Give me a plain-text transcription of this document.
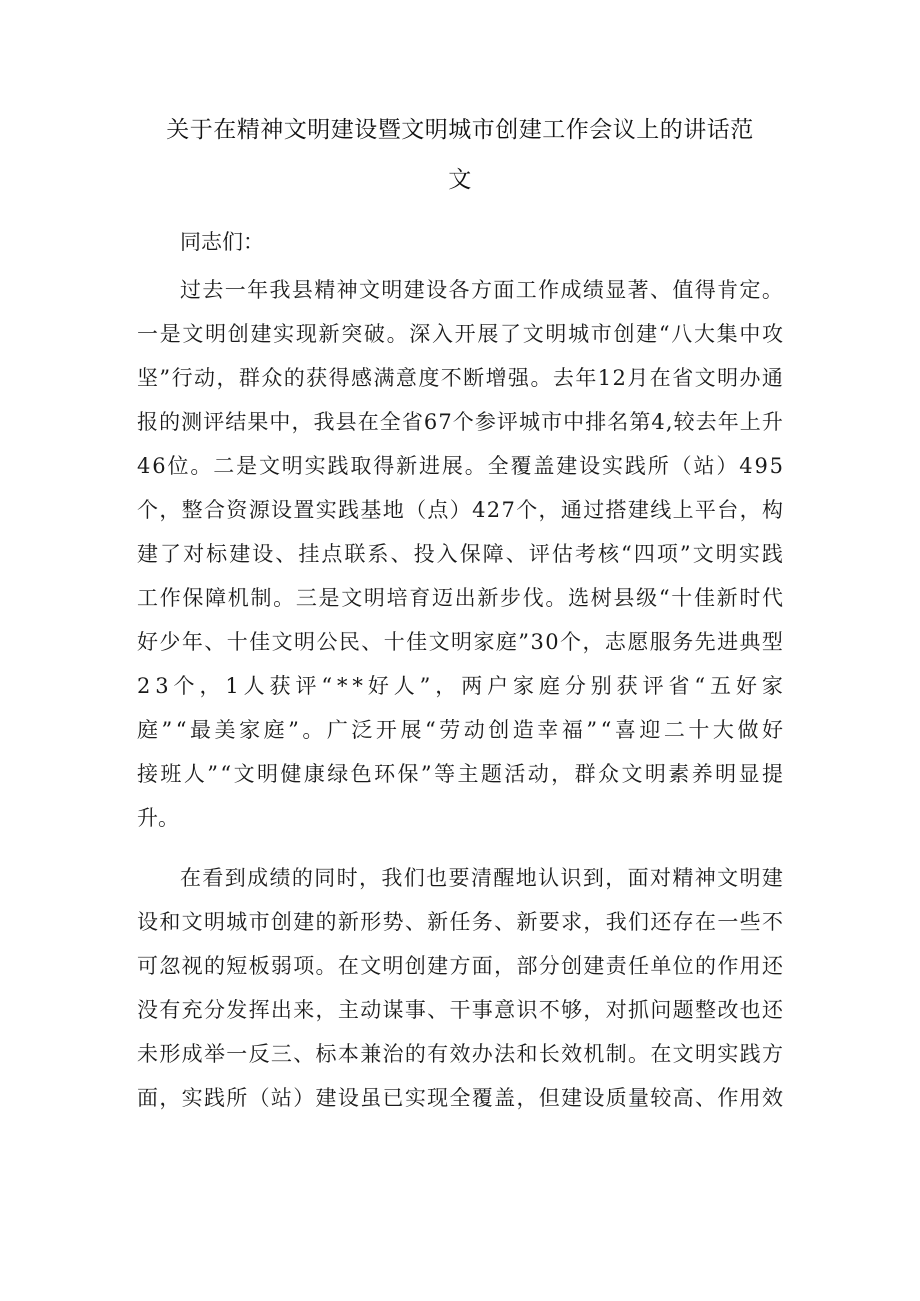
关于在精神文明建设暨文明城市创建工作会议上的讲话范
文

同志们：

过去一年我县精神文明建设各方面工作成绩显著、值得肯定。

一是文明创建实现新突破。深入开展了文明城市创建“八大集中攻

坚”行动，群众的获得感满意度不断增强。去年12月在省文明办通

报的测评结果中，我县在全省67个参评城市中排名第4,较去年上升

46位。二是文明实践取得新进展。全覆盖建设实践所（站）495

个，整合资源设置实践基地（点）427个，通过搭建线上平台，构

建了对标建设、挂点联系、投入保障、评估考核“四项”文明实践

工作保障机制。三是文明培育迈出新步伐。选树县级“十佳新时代

好少年、十佳文明公民、十佳文明家庭”30个，志愿服务先进典型

23个，1人获评“**好人”，两户家庭分别获评省“五好家

庭”“最美家庭”。广泛开展“劳动创造幸福”“喜迎二十大做好

接班人”“文明健康绿色环保”等主题活动，群众文明素养明显提

升。

在看到成绩的同时，我们也要清醒地认识到，面对精神文明建

设和文明城市创建的新形势、新任务、新要求，我们还存在一些不

可忽视的短板弱项。在文明创建方面，部分创建责任单位的作用还

没有充分发挥出来，主动谋事、干事意识不够，对抓问题整改也还

未形成举一反三、标本兼治的有效办法和长效机制。在文明实践方

面，实践所（站）建设虽已实现全覆盖，但建设质量较高、作用效
